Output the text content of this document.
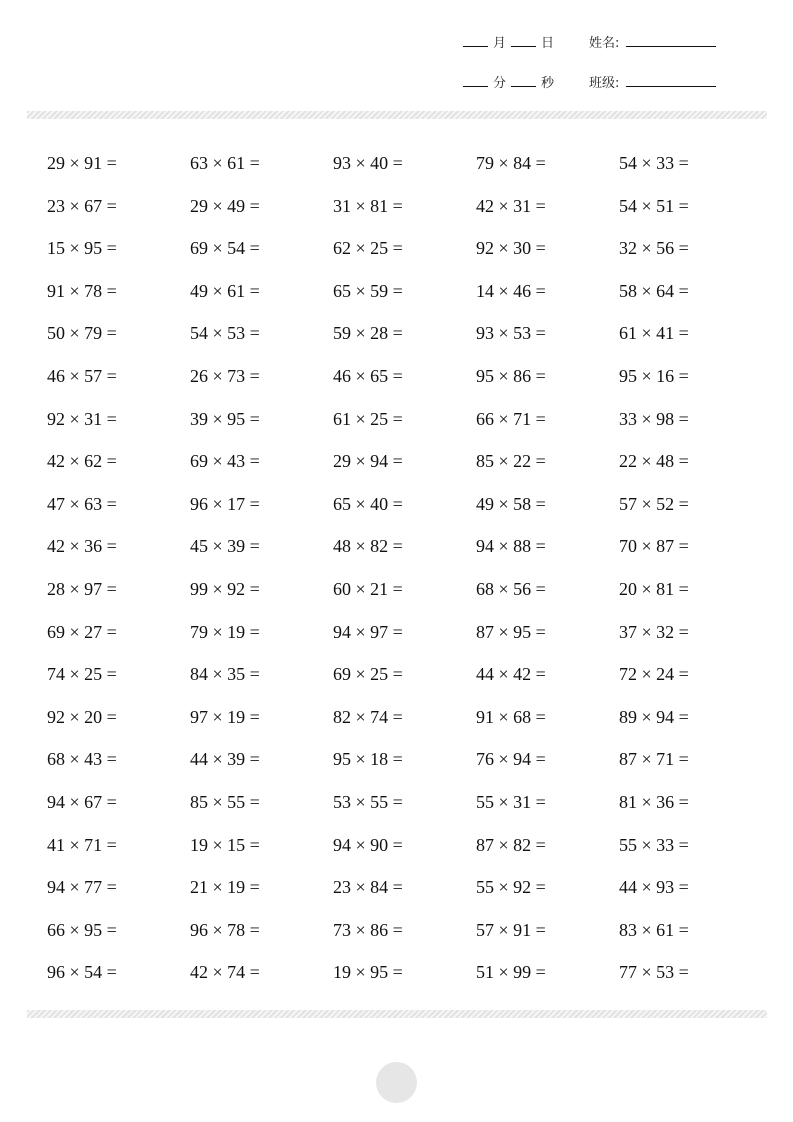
月	日	姓名:
分	秒	班级:
29 × 91 =	63 × 61 =	93 × 40 =	79 × 84 =	54 × 33 =
23 × 67 =	29 × 49 =	31 × 81 =	42 × 31 =	54 × 51 =
15 × 95 =	69 × 54 =	62 × 25 =	92 × 30 =	32 × 56 =
91 × 78 =	49 × 61 =	65 × 59 =	14 × 46 =	58 × 64 =
50 × 79 =	54 × 53 =	59 × 28 =	93 × 53 =	61 × 41 =
46 × 57 =	26 × 73 =	46 × 65 =	95 × 86 =	95 × 16 =
92 × 31 =	39 × 95 =	61 × 25 =	66 × 71 =	33 × 98 =
42 × 62 =	69 × 43 =	29 × 94 =	85 × 22 =	22 × 48 =
47 × 63 =	96 × 17 =	65 × 40 =	49 × 58 =	57 × 52 =
42 × 36 =	45 × 39 =	48 × 82 =	94 × 88 =	70 × 87 =
28 × 97 =	99 × 92 =	60 × 21 =	68 × 56 =	20 × 81 =
69 × 27 =	79 × 19 =	94 × 97 =	87 × 95 =	37 × 32 =
74 × 25 =	84 × 35 =	69 × 25 =	44 × 42 =	72 × 24 =
92 × 20 =	97 × 19 =	82 × 74 =	91 × 68 =	89 × 94 =
68 × 43 =	44 × 39 =	95 × 18 =	76 × 94 =	87 × 71 =
94 × 67 =	85 × 55 =	53 × 55 =	55 × 31 =	81 × 36 =
41 × 71 =	19 × 15 =	94 × 90 =	87 × 82 =	55 × 33 =
94 × 77 =	21 × 19 =	23 × 84 =	55 × 92 =	44 × 93 =
66 × 95 =	96 × 78 =	73 × 86 =	57 × 91 =	83 × 61 =
96 × 54 =	42 × 74 =	19 × 95 =	51 × 99 =	77 × 53 =
